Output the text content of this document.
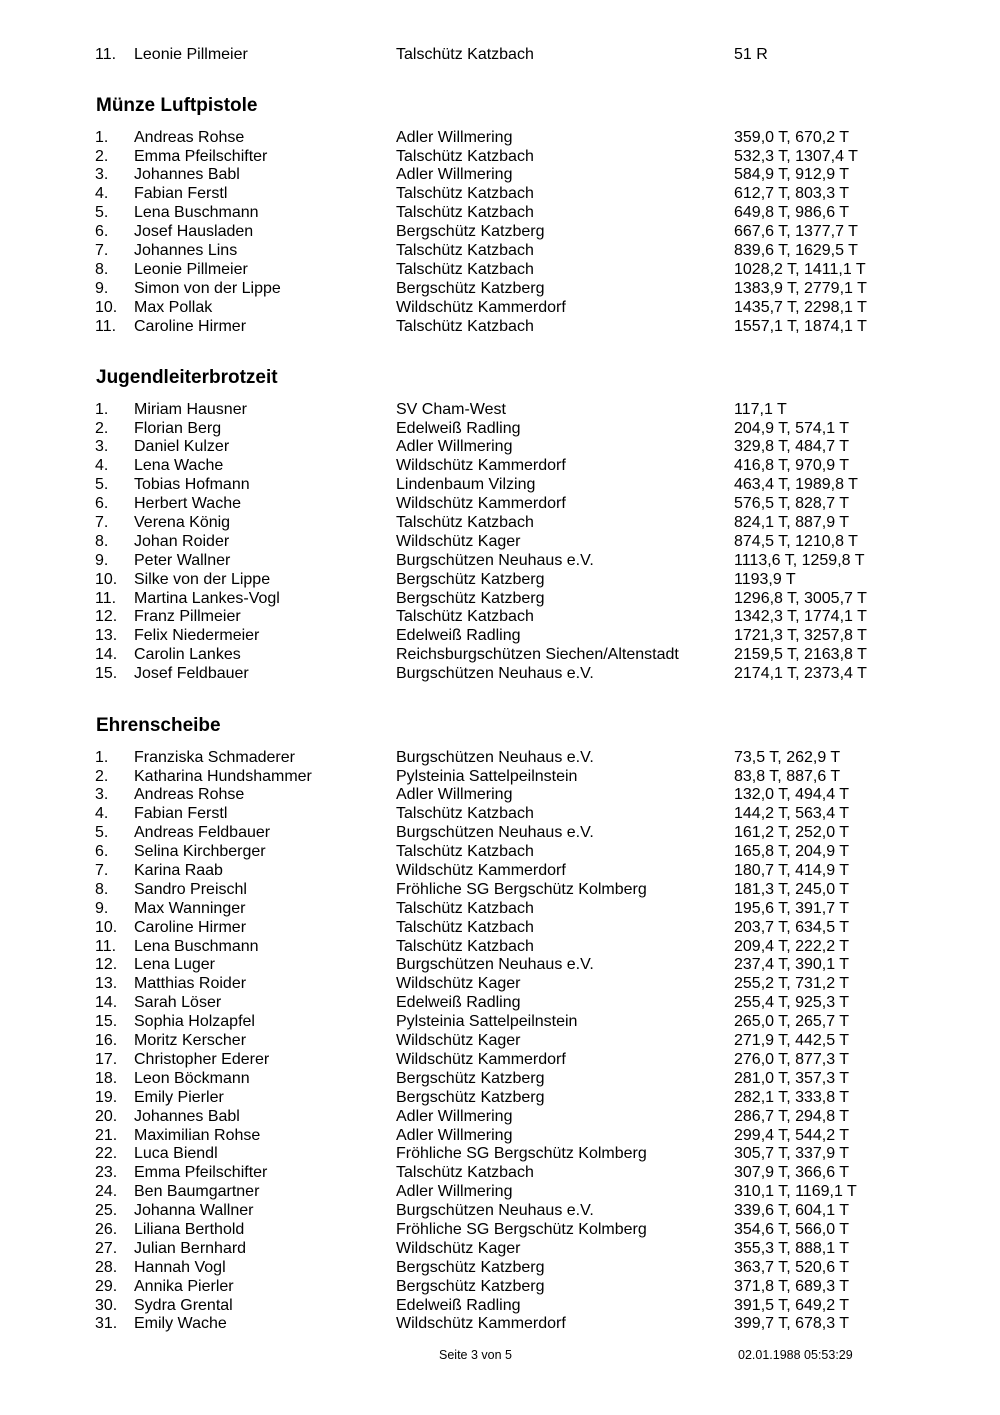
11. Leonie Pillmeier	Talschütz Katzbach	51 R
Münze Luftpistole
1. Andreas Rohse	Adler Willmering	359,0 T, 670,2 T
2. Emma Pfeilschifter	Talschütz Katzbach	532,3 T, 1307,4 T
3. Johannes Babl	Adler Willmering	584,9 T, 912,9 T
4. Fabian Ferstl	Talschütz Katzbach	612,7 T, 803,3 T
5. Lena Buschmann	Talschütz Katzbach	649,8 T, 986,6 T
6. Josef Hausladen	Bergschütz Katzberg	667,6 T, 1377,7 T
7. Johannes Lins	Talschütz Katzbach	839,6 T, 1629,5 T
8. Leonie Pillmeier	Talschütz Katzbach	1028,2 T, 1411,1 T
9. Simon von der Lippe	Bergschütz Katzberg	1383,9 T, 2779,1 T
10. Max Pollak	Wildschütz Kammerdorf	1435,7 T, 2298,1 T
11. Caroline Hirmer	Talschütz Katzbach	1557,1 T, 1874,1 T
Jugendleiterbrotzeit
1. Miriam Hausner	SV Cham-West	117,1 T
2. Florian Berg	Edelweiß Radling	204,9 T, 574,1 T
3. Daniel Kulzer	Adler Willmering	329,8 T, 484,7 T
4. Lena Wache	Wildschütz Kammerdorf	416,8 T, 970,9 T
5. Tobias Hofmann	Lindenbaum Vilzing	463,4 T, 1989,8 T
6. Herbert Wache	Wildschütz Kammerdorf	576,5 T, 828,7 T
7. Verena König	Talschütz Katzbach	824,1 T, 887,9 T
8. Johan Roider	Wildschütz Kager	874,5 T, 1210,8 T
9. Peter Wallner	Burgschützen Neuhaus e.V.	1113,6 T, 1259,8 T
10. Silke von der Lippe	Bergschütz Katzberg	1193,9 T
11. Martina Lankes-Vogl	Bergschütz Katzberg	1296,8 T, 3005,7 T
12. Franz Pillmeier	Talschütz Katzbach	1342,3 T, 1774,1 T
13. Felix Niedermeier	Edelweiß Radling	1721,3 T, 3257,8 T
14. Carolin Lankes	Reichsburgschützen Siechen/Altenstadt	2159,5 T, 2163,8 T
15. Josef Feldbauer	Burgschützen Neuhaus e.V.	2174,1 T, 2373,4 T
Ehrenscheibe
1. Franziska Schmaderer	Burgschützen Neuhaus e.V.	73,5 T, 262,9 T
2. Katharina Hundshammer	Pylsteinia Sattelpeilnstein	83,8 T, 887,6 T
3. Andreas Rohse	Adler Willmering	132,0 T, 494,4 T
4. Fabian Ferstl	Talschütz Katzbach	144,2 T, 563,4 T
5. Andreas Feldbauer	Burgschützen Neuhaus e.V.	161,2 T, 252,0 T
6. Selina Kirchberger	Talschütz Katzbach	165,8 T, 204,9 T
7. Karina Raab	Wildschütz Kammerdorf	180,7 T, 414,9 T
8. Sandro Preischl	Fröhliche SG Bergschütz Kolmberg	181,3 T, 245,0 T
9. Max Wanninger	Talschütz Katzbach	195,6 T, 391,7 T
10. Caroline Hirmer	Talschütz Katzbach	203,7 T, 634,5 T
11. Lena Buschmann	Talschütz Katzbach	209,4 T, 222,2 T
12. Lena Luger	Burgschützen Neuhaus e.V.	237,4 T, 390,1 T
13. Matthias Roider	Wildschütz Kager	255,2 T, 731,2 T
14. Sarah Löser	Edelweiß Radling	255,4 T, 925,3 T
15. Sophia Holzapfel	Pylsteinia Sattelpeilnstein	265,0 T, 265,7 T
16. Moritz Kerscher	Wildschütz Kager	271,9 T, 442,5 T
17. Christopher Ederer	Wildschütz Kammerdorf	276,0 T, 877,3 T
18. Leon Böckmann	Bergschütz Katzberg	281,0 T, 357,3 T
19. Emily Pierler	Bergschütz Katzberg	282,1 T, 333,8 T
20. Johannes Babl	Adler Willmering	286,7 T, 294,8 T
21. Maximilian Rohse	Adler Willmering	299,4 T, 544,2 T
22. Luca Biendl	Fröhliche SG Bergschütz Kolmberg	305,7 T, 337,9 T
23. Emma Pfeilschifter	Talschütz Katzbach	307,9 T, 366,6 T
24. Ben Baumgartner	Adler Willmering	310,1 T, 1169,1 T
25. Johanna Wallner	Burgschützen Neuhaus e.V.	339,6 T, 604,1 T
26. Liliana Berthold	Fröhliche SG Bergschütz Kolmberg	354,6 T, 566,0 T
27. Julian Bernhard	Wildschütz Kager	355,3 T, 888,1 T
28. Hannah Vogl	Bergschütz Katzberg	363,7 T, 520,6 T
29. Annika Pierler	Bergschütz Katzberg	371,8 T, 689,3 T
30. Sydra Grental	Edelweiß Radling	391,5 T, 649,2 T
31. Emily Wache	Wildschütz Kammerdorf	399,7 T, 678,3 T
Seite 3 von 5	02.01.1988 05:53:29
